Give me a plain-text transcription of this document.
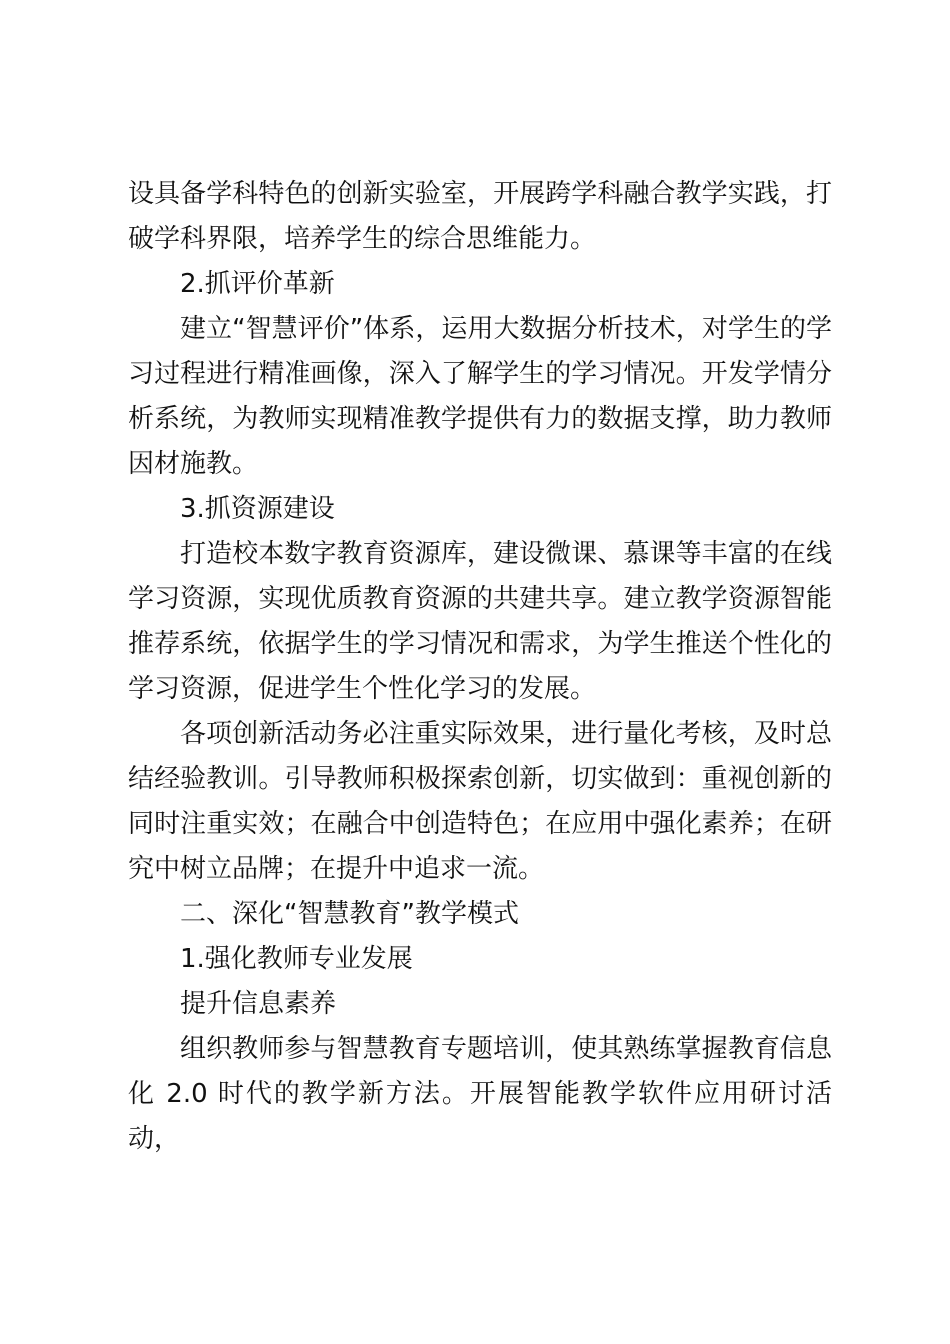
设具备学科特色的创新实验室，开展跨学科融合教学实践，打破学科界限，培养学生的综合思维能力。

2.抓评价革新

建立“智慧评价”体系，运用大数据分析技术，对学生的学习过程进行精准画像，深入了解学生的学习情况。开发学情分析系统，为教师实现精准教学提供有力的数据支撑，助力教师因材施教。

3.抓资源建设

打造校本数字教育资源库，建设微课、慕课等丰富的在线学习资源，实现优质教育资源的共建共享。建立教学资源智能推荐系统，依据学生的学习情况和需求，为学生推送个性化的学习资源，促进学生个性化学习的发展。

各项创新活动务必注重实际效果，进行量化考核，及时总结经验教训。引导教师积极探索创新，切实做到：重视创新的同时注重实效；在融合中创造特色；在应用中强化素养；在研究中树立品牌；在提升中追求一流。

二、深化“智慧教育”教学模式

1.强化教师专业发展

提升信息素养

组织教师参与智慧教育专题培训，使其熟练掌握教育信息化 2.0 时代的教学新方法。开展智能教学软件应用研讨活动，
